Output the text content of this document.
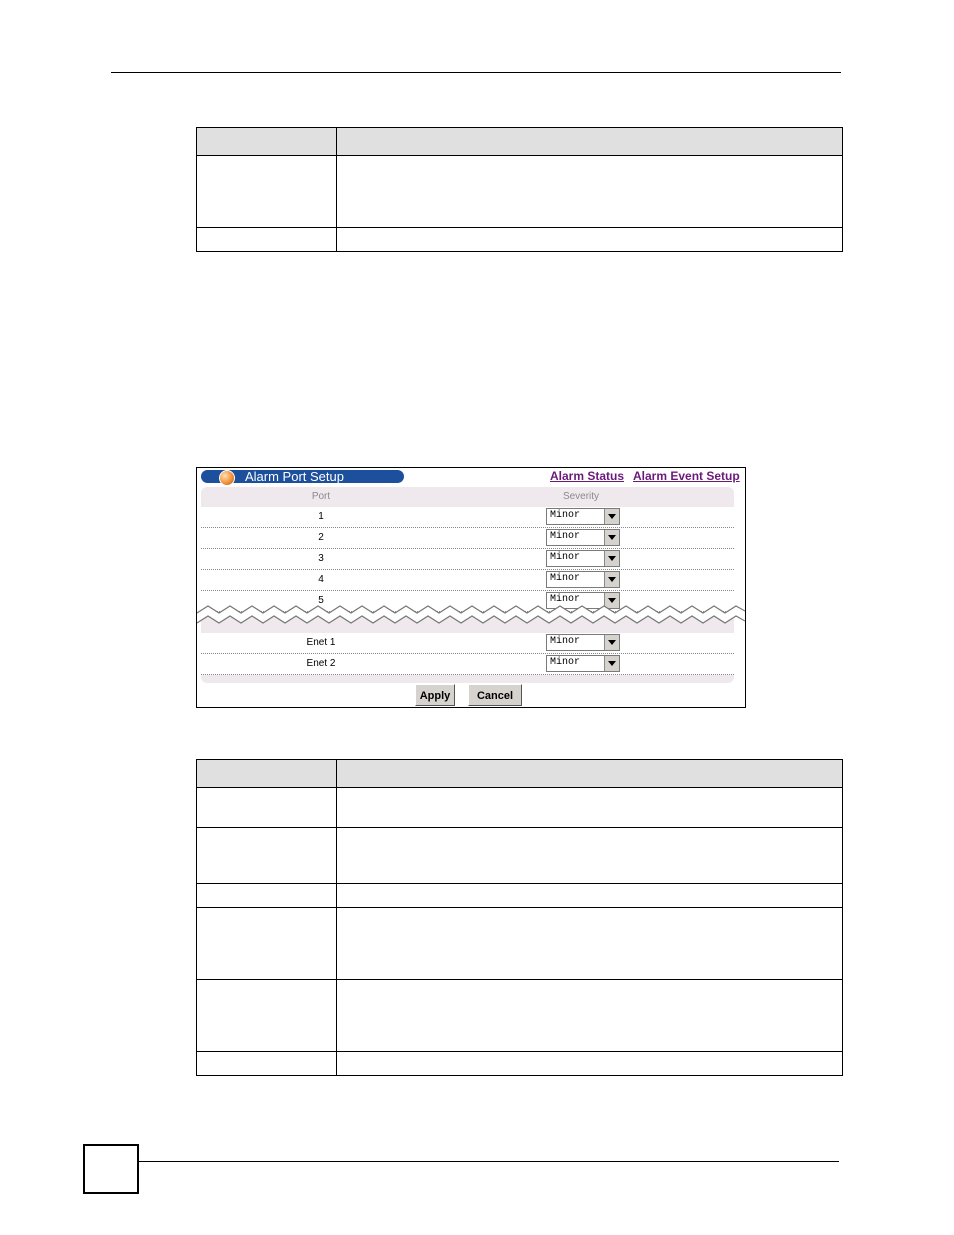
Alarm Port Setup	Alarm Status Alarm Event Setup
Port	Severity
1	Minor
2	Minor
3	Minor
4	Minor
5	Minor
Enet 1	Minor
Enet 2	Minor
Apply	Cancel
